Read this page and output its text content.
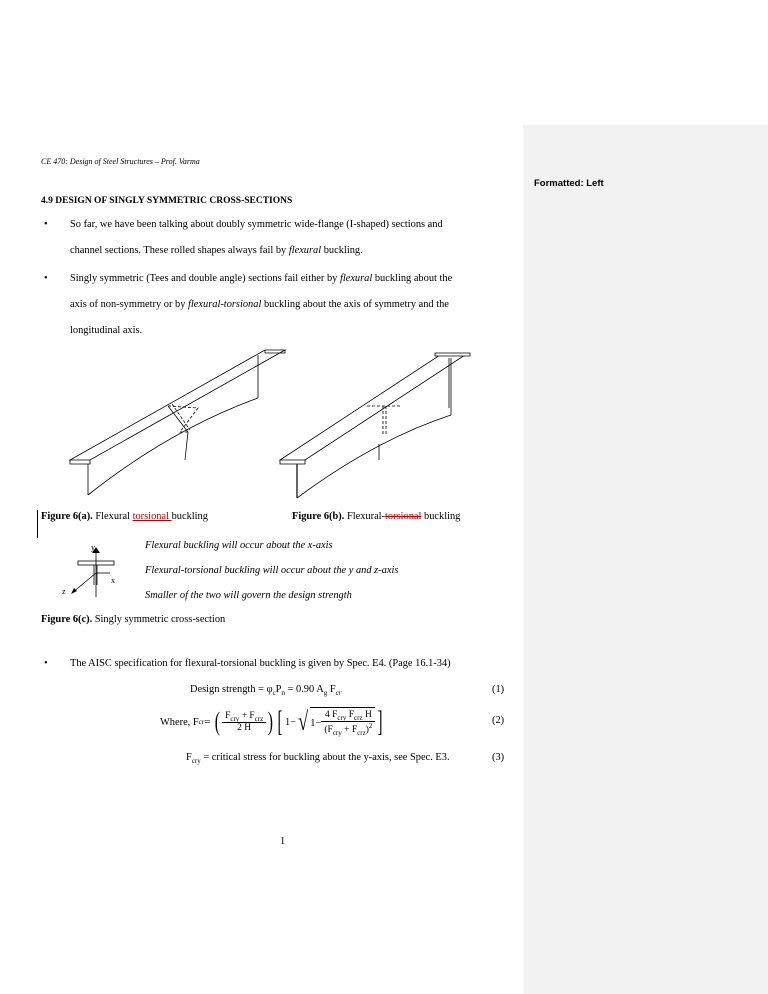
Formatted: Left
CE 470: Design of Steel Structures – Prof. Varma
4.9 DESIGN OF SINGLY SYMMETRIC CROSS-SECTIONS
• So far, we have been talking about doubly symmetric wide-flange (I-shaped) sections and
channel sections. These rolled shapes always fail by flexural buckling.
• Singly symmetric (Tees and double angle) sections fail either by flexural buckling about the
axis of non-symmetry or by flexural-torsional buckling about the axis of symmetry and the
longitudinal axis.
Figure 6(a). Flexural torsional buckling	Figure 6(b). Flexural-torsional buckling
y
x
z
Flexural buckling will occur about the x-axis
Flexural-torsional buckling will occur about the y and z-axis
Smaller of the two will govern the design strength
Figure 6(c). Singly symmetric cross-section
• The AISC specification for flexural-torsional buckling is given by Spec. E4. (Page 16.1-34)
Design strength = $\varphi_cP_n = 0.90$ $A_g$ $F_{cr}$	(1)
Where, F cr = ( $\frac{F_{cry} + F_{crz}}{2 H}$ ) [ 1 − √ $1 - \frac{4 F_{cry} F_{crz} H}{(F_{cry} + F_{crz})^2}$ ]	(2)
$F_{cry}$ = critical stress for buckling about the y-axis, see Spec. E3.	(3)
1
